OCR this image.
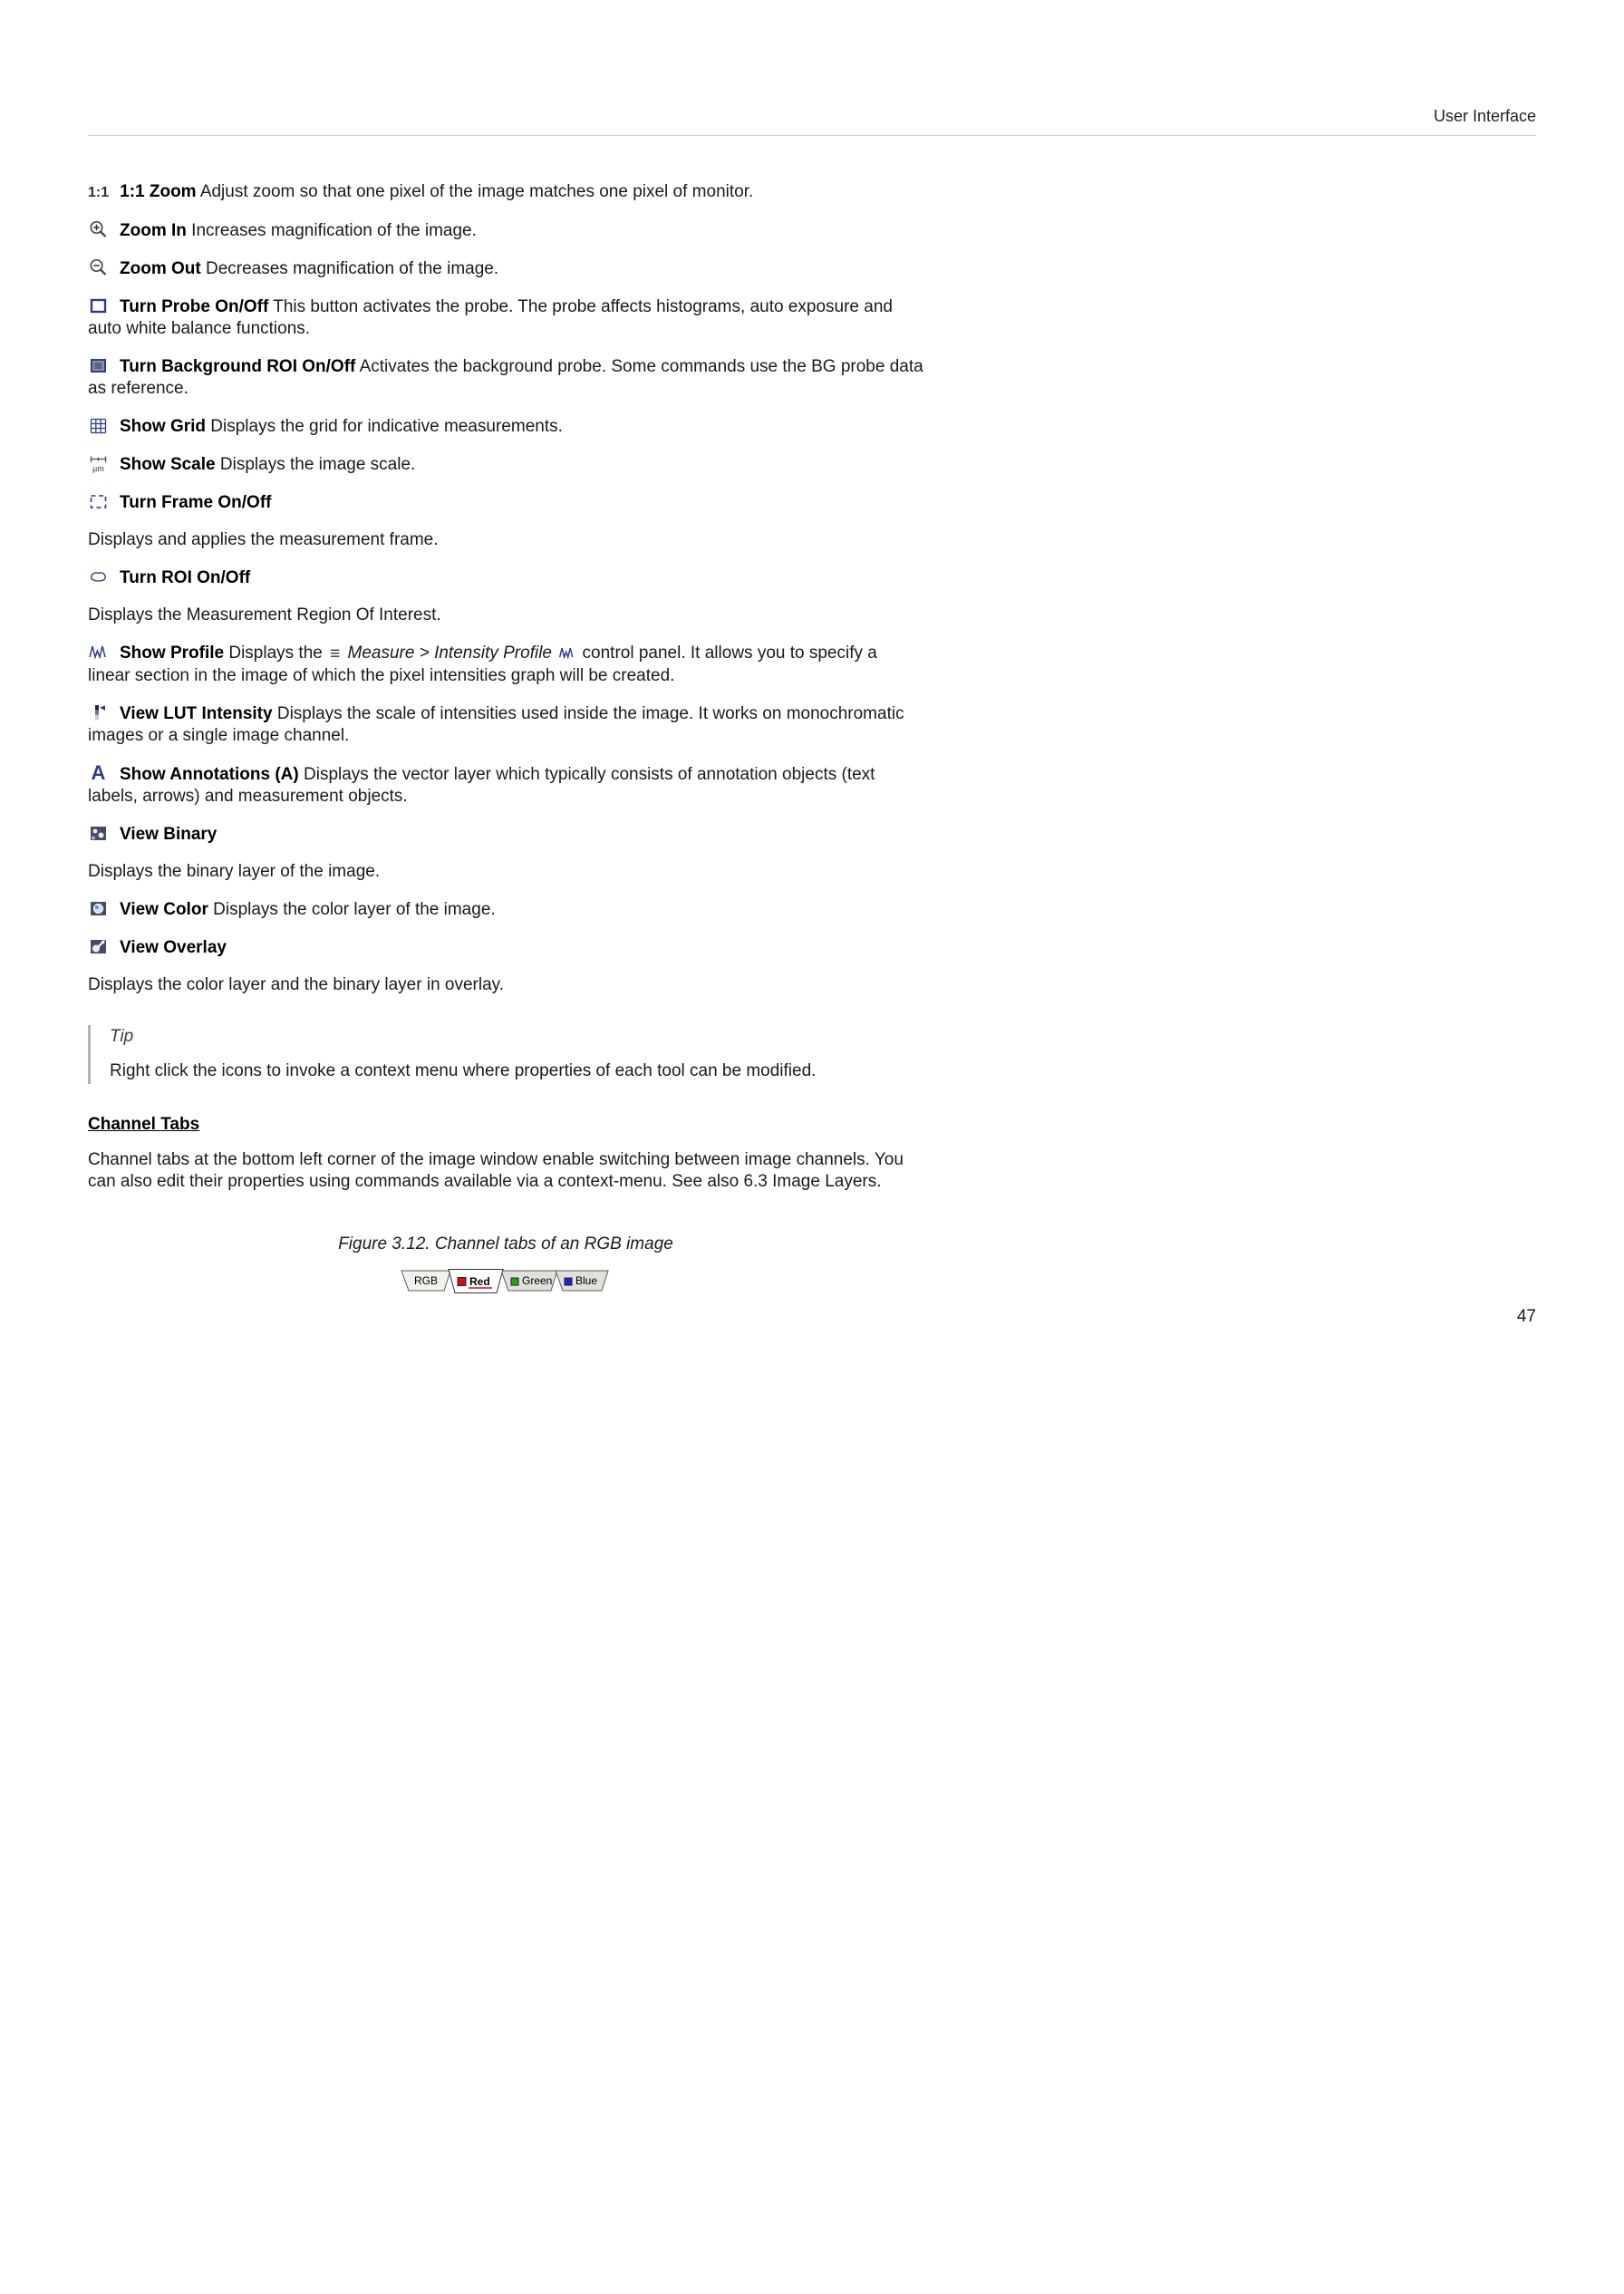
User Interface

1:1 1:1 Zoom Adjust zoom so that one pixel of the image matches one pixel of monitor.

Zoom In Increases magnification of the image.

Zoom Out Decreases magnification of the image.

Turn Probe On/Off This button activates the probe. The probe affects histograms, auto exposure and auto white balance functions.

Turn Background ROI On/Off Activates the background probe. Some commands use the BG probe data as reference.

Show Grid Displays the grid for indicative measurements.

µm Show Scale Displays the image scale.

Turn Frame On/Off

Displays and applies the measurement frame.

Turn ROI On/Off

Displays the Measurement Region Of Interest.

Show Profile Displays the ≡ Measure > Intensity Profile control panel. It allows you to specify a linear section in the image of which the pixel intensities graph will be created.

View LUT Intensity Displays the scale of intensities used inside the image. It works on monochromatic images or a single image channel.

A Show Annotations (A) Displays the vector layer which typically consists of annotation objects (text labels, arrows) and measurement objects.

View Binary

Displays the binary layer of the image.

View Color Displays the color layer of the image.

View Overlay

Displays the color layer and the binary layer in overlay.

Tip
Right click the icons to invoke a context menu where properties of each tool can be modified.
Channel Tabs

Channel tabs at the bottom left corner of the image window enable switching between image channels. You can also edit their properties using commands available via a context-menu. See also 6.3 Image Layers.

Figure 3.12. Channel tabs of an RGB image
RGB	Red	Green Blue
47
